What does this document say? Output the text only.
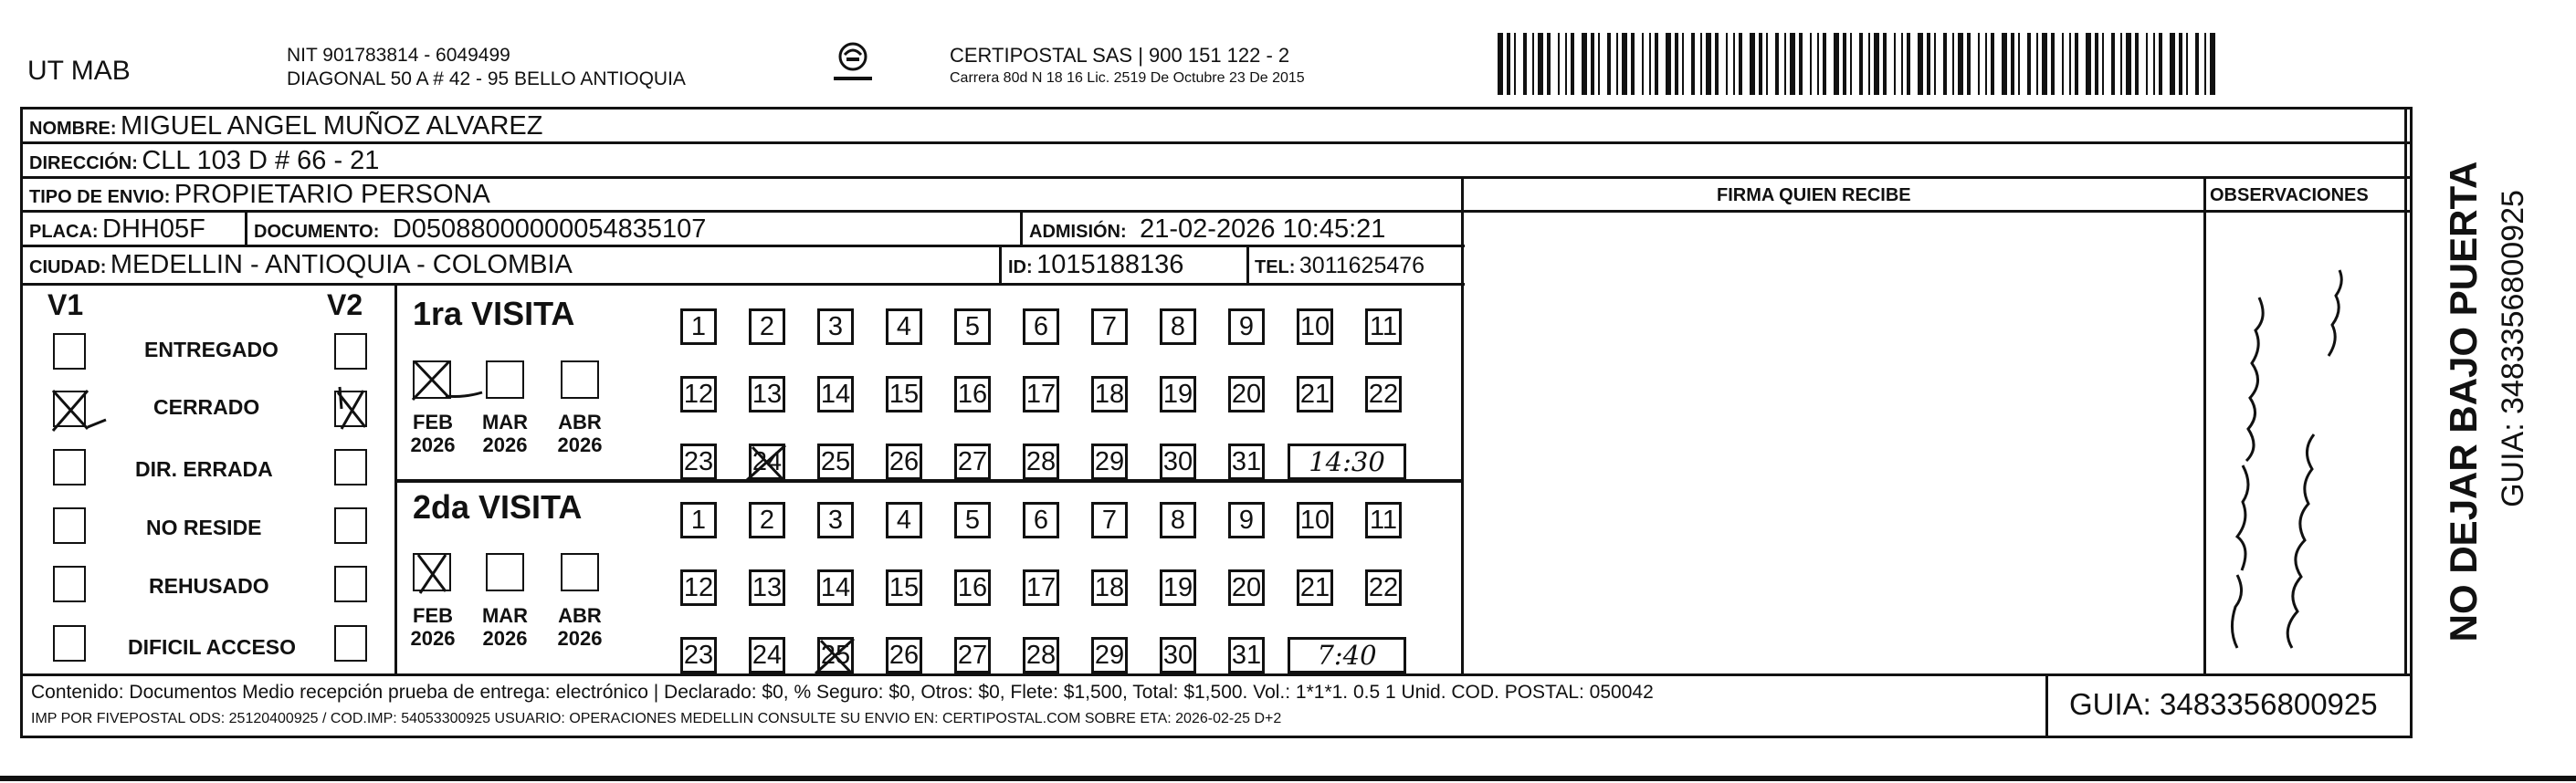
UT MAB
NIT 901783814 - 6049499
DIAGONAL 50 A # 42 - 95 BELLO ANTIOQUIA
CERTIPOSTAL SAS | 900 151 122 - 2
Carrera 80d N 18 16 Lic. 2519 De Octubre 23 De 2015
NOMBRE: MIGUEL ANGEL MUÑOZ ALVAREZ
DIRECCIÓN: CLL 103 D # 66 - 21
TIPO DE ENVIO: PROPIETARIO PERSONA	FIRMA QUIEN RECIBE	OBSERVACIONES
PLACA: DHH05F	DOCUMENTO: D05088000000054835107	ADMISIÓN: 21-02-2026 10:45:21
CIUDAD: MEDELLIN - ANTIOQUIA - COLOMBIA	ID: 1015188136	TEL: 3011625476
V1	V2
ENTREGADO
CERRADO
DIR. ERRADA
NO RESIDE
REHUSADO
DIFICIL ACCESO
1ra VISITA
FEB 2026
MAR 2026
ABR 2026
1	2	3	4	5	6	7	8	9	10 11
12 13 14 15 16 17 18 19 20 21 22
23 24 25 26 27 28 29 30 31	14:30
2da VISITA
FEB 2026
MAR 2026
ABR 2026
1	2	3	4	5	6	7	8	9	10 11
12 13 14 15 16 17 18 19 20 21 22
23 24 25 26 27 28 29 30 31	7:40
Contenido: Documentos Medio recepción prueba de entrega: electrónico | Declarado: $0, % Seguro: $0, Otros: $0, Flete: $1,500, Total: $1,500. Vol.: 1*1*1. 0.5 1 Unid. COD. POSTAL: 050042
IMP POR FIVEPOSTAL ODS: 25120400925 / COD.IMP: 54053300925 USUARIO: OPERACIONES MEDELLIN CONSULTE SU ENVIO EN: CERTIPOSTAL.COM SOBRE ETA: 2026-02-25 D+2	GUIA: 3483356800925
NO DEJAR BAJO PUERTA GUIA: 3483356800925
